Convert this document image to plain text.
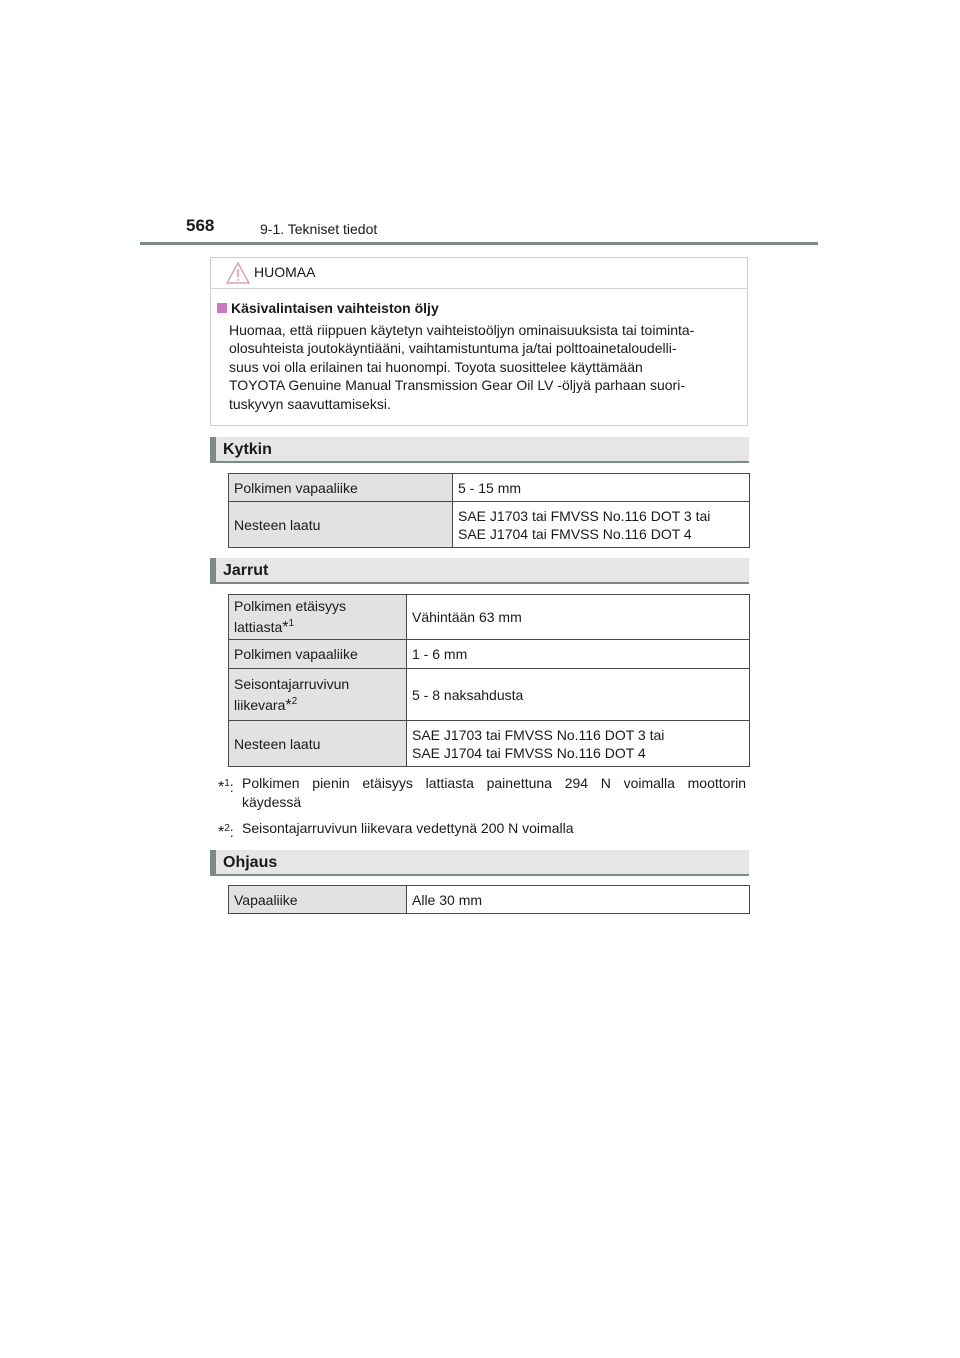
568	9-1. Tekniset tiedot
HUOMAA
Käsivalintaisen vaihteiston öljy

Huomaa, että riippuen käytetyn vaihteistoöljyn ominaisuuksista tai toiminta-
olosuhteista joutokäyntiääni, vaihtamistuntuma ja/tai polttoainetaloudelli-
suus voi olla erilainen tai huonompi. Toyota suosittelee käyttämään
TOYOTA Genuine Manual Transmission Gear Oil LV -öljyä parhaan suori-
tuskyvyn saavuttamiseksi.

Kytkin
Polkimen vapaaliike	5 - 15 mm
Nesteen laatu	SAE J1703 tai FMVSS No.116 DOT 3 tai
SAE J1704 tai FMVSS No.116 DOT 4
Jarrut
Polkimen etäisyys
lattiasta*$^1$	Vähintään 63 mm
Polkimen vapaaliike	1 - 6 mm
Seisontajarruvivun
liikevara*$^2$	5 - 8 naksahdusta
Nesteen laatu	SAE J1703 tai FMVSS No.116 DOT 3 tai
SAE J1704 tai FMVSS No.116 DOT 4
*$^1$: Polkimen pienin etäisyys lattiasta painettuna 294 N voimalla moottorin
käydessä
*$^2$: Seisontajarruvivun liikevara vedettynä 200 N voimalla
Ohjaus
Vapaaliike	Alle 30 mm
